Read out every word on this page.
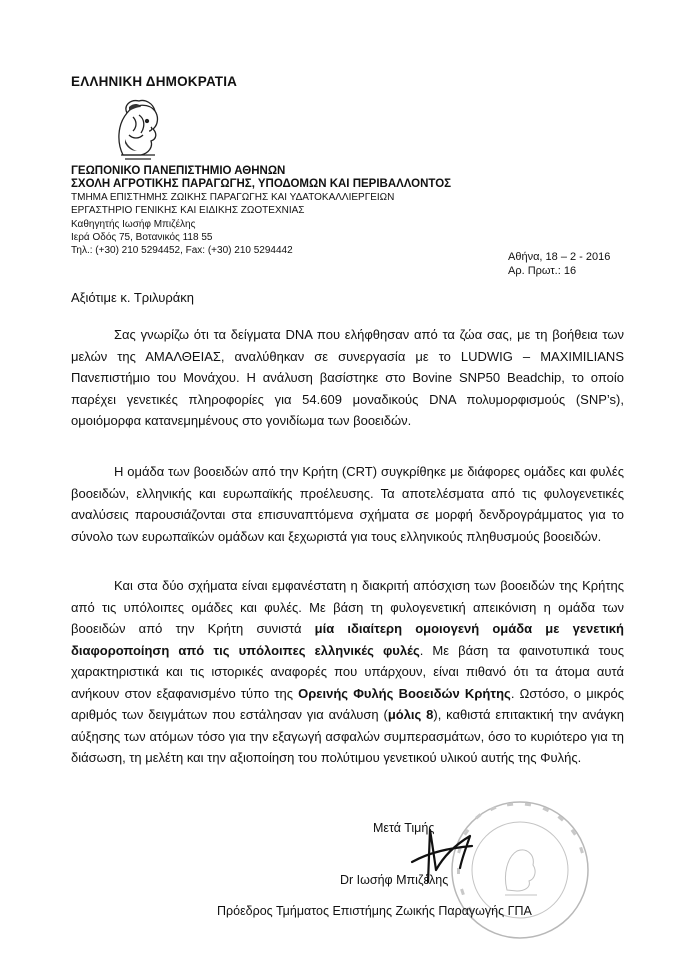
ΕΛΛΗΝΙΚΗ ΔΗΜΟΚΡΑΤΙΑ
ΓΕΩΠΟΝΙΚΟ ΠΑΝΕΠΙΣΤΗΜΙΟ ΑΘΗΝΩΝ
ΣΧΟΛΗ ΑΓΡΟΤΙΚΗΣ ΠΑΡΑΓΩΓΗΣ, ΥΠΟΔΟΜΩΝ ΚΑΙ ΠΕΡΙΒΑΛΛΟΝΤΟΣ
ΤΜΗΜΑ ΕΠΙΣΤΗΜΗΣ ΖΩΙΚΗΣ ΠΑΡΑΓΩΓΗΣ ΚΑΙ ΥΔΑΤΟΚΑΛΛΙΕΡΓΕΙΩΝ
ΕΡΓΑΣΤΗΡΙΟ ΓΕΝΙΚΗΣ ΚΑΙ ΕΙΔΙΚΗΣ ΖΩΟΤΕΧΝΙΑΣ
Καθηγητής Ιωσήφ Μπιζέλης
Ιερά Οδός 75, Βοτανικός 118 55
Τηλ.: (+30) 210 5294452, Fax: (+30) 210 5294442
Αθήνα, 18 – 2 - 2016
Αρ. Πρωτ.: 16
Αξιότιμε κ. Τριλυράκη
Σας γνωρίζω ότι τα δείγματα DNA που ελήφθησαν από τα ζώα σας, με τη βοήθεια των μελών της ΑΜΑΛΘΕΙΑΣ, αναλύθηκαν σε συνεργασία με το LUDWIG – MAXIMILIANS Πανεπιστήμιο του Μονάχου. Η ανάλυση βασίστηκε στο Bovine SNP50 Beadchip, το οποίο παρέχει γενετικές πληροφορίες για 54.609 μοναδικούς DNA πολυμορφισμούς (SNP’s), ομοιόμορφα κατανεμημένους στο γονιδίωμα των βοοειδών.
Η ομάδα των βοοειδών από την Κρήτη (CRT) συγκρίθηκε με διάφορες ομάδες και φυλές βοοειδών, ελληνικής και ευρωπαϊκής προέλευσης. Τα αποτελέσματα από τις φυλογενετικές αναλύσεις παρουσιάζονται στα επισυναπτόμενα σχήματα σε μορφή δενδρογράμματος για το σύνολο των ευρωπαϊκών ομάδων και ξεχωριστά για τους ελληνικούς πληθυσμούς βοοειδών.
Και στα δύο σχήματα είναι εμφανέστατη η διακριτή απόσχιση των βοοειδών της Κρήτης από τις υπόλοιπες ομάδες και φυλές. Με βάση τη φυλογενετική απεικόνιση η ομάδα των βοοειδών από την Κρήτη συνιστά μία ιδιαίτερη ομοιογενή ομάδα με γενετική διαφοροποίηση από τις υπόλοιπες ελληνικές φυλές. Με βάση τα φαινοτυπικά τους χαρακτηριστικά και τις ιστορικές αναφορές που υπάρχουν, είναι πιθανό ότι τα άτομα αυτά ανήκουν στον εξαφανισμένο τύπο της Ορεινής Φυλής Βοοειδών Κρήτης. Ωστόσο, ο μικρός αριθμός των δειγμάτων που εστάλησαν για ανάλυση (μόλις 8), καθιστά επιτακτική την ανάγκη αύξησης των ατόμων τόσο για την εξαγωγή ασφαλών συμπερασμάτων, όσο το κυριότερο για τη διάσωση, τη μελέτη και την αξιοποίηση του πολύτιμου γενετικού υλικού αυτής της Φυλής.
Μετά Τιμής
Dr Ιωσήφ Μπιζέλης
Πρόεδρος Τμήματος Επιστήμης Ζωικής Παραγωγής ΓΠΑ
